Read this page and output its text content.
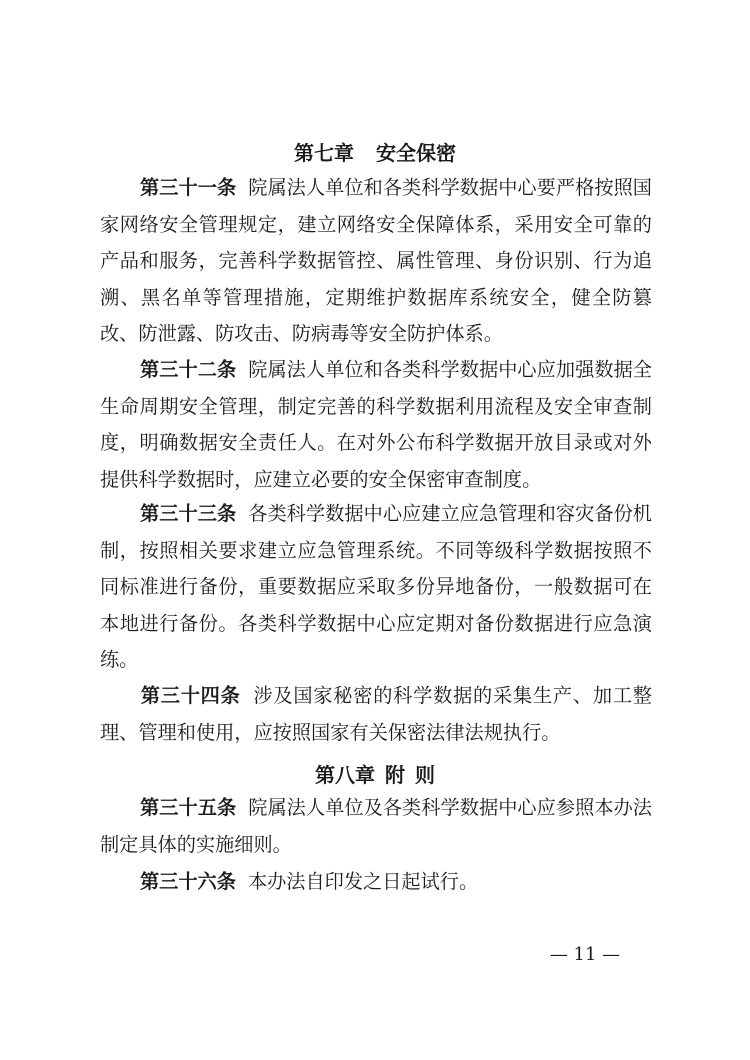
第七章 安全保密

第三十一条 院属法人单位和各类科学数据中心要严格按照国家网络安全管理规定，建立网络安全保障体系，采用安全可靠的产品和服务，完善科学数据管控、属性管理、身份识别、行为追溯、黑名单等管理措施，定期维护数据库系统安全，健全防篡改、防泄露、防攻击、防病毒等安全防护体系。

第三十二条 院属法人单位和各类科学数据中心应加强数据全生命周期安全管理，制定完善的科学数据利用流程及安全审查制度，明确数据安全责任人。在对外公布科学数据开放目录或对外提供科学数据时，应建立必要的安全保密审查制度。

第三十三条 各类科学数据中心应建立应急管理和容灾备份机制，按照相关要求建立应急管理系统。不同等级科学数据按照不同标准进行备份，重要数据应采取多份异地备份，一般数据可在本地进行备份。各类科学数据中心应定期对备份数据进行应急演练。

第三十四条 涉及国家秘密的科学数据的采集生产、加工整理、管理和使用，应按照国家有关保密法律法规执行。

第八章 附 则

第三十五条 院属法人单位及各类科学数据中心应参照本办法制定具体的实施细则。

第三十六条 本办法自印发之日起试行。

— 11 —
